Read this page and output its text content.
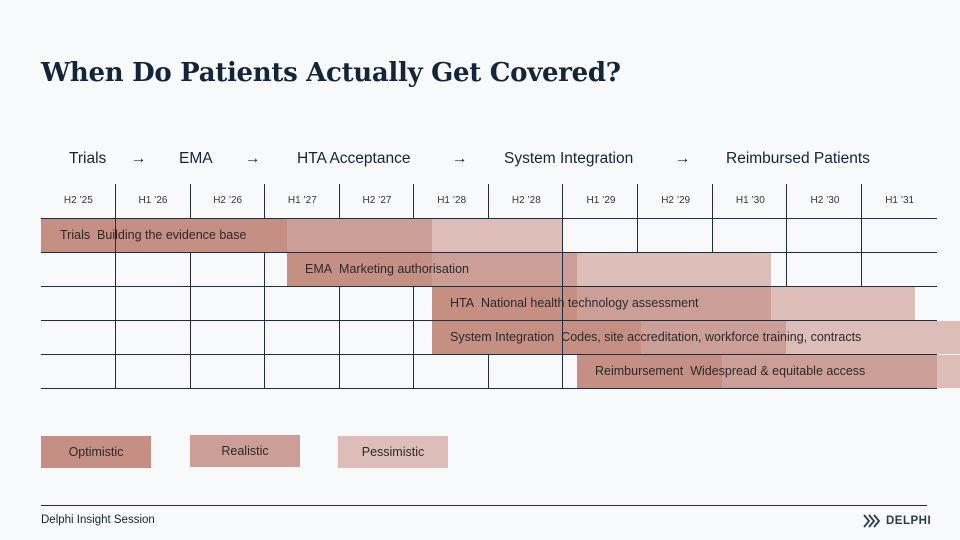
When Do Patients Actually Get Covered?
Trials → EMA → HTA Acceptance	→ System Integration	→ Reimbursed Patients
H2 ’25	H1 ’26	H2 ’26	H1 ’27	H2 ’27	H1 ’28	H2 ’28	H1 ’29	H2 ’29	H1 ’30	H2 ’30	H1 ’31
Trials Building the evidence base
EMA Marketing authorisation
HTA National health technology assessment
System Integration Codes, site accreditation, workforce training, contracts
Reimbursement Widespread & equitable access
Optimistic	Realistic	Pessimistic
Delphi Insight Session	DELPHI
